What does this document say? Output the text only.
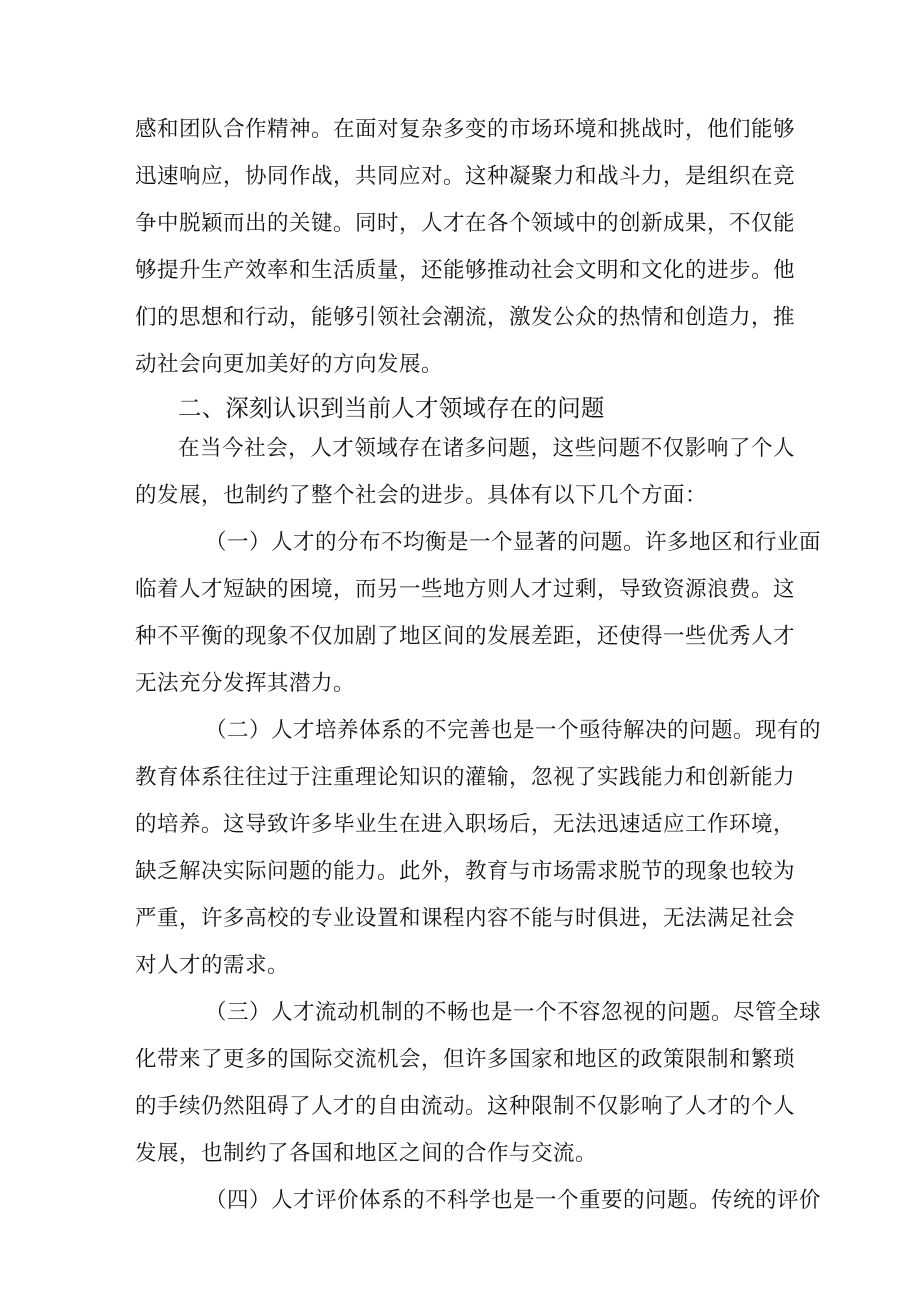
感和团队合作精神。在面对复杂多变的市场环境和挑战时，他们能够
迅速响应，协同作战，共同应对。这种凝聚力和战斗力，是组织在竞
争中脱颖而出的关键。同时，人才在各个领域中的创新成果，不仅能
够提升生产效率和生活质量，还能够推动社会文明和文化的进步。他
们的思想和行动，能够引领社会潮流，激发公众的热情和创造力，推
动社会向更加美好的方向发展。
二、深刻认识到当前人才领域存在的问题
在当今社会，人才领域存在诸多问题，这些问题不仅影响了个人
的发展，也制约了整个社会的进步。具体有以下几个方面：
（一）人才的分布不均衡是一个显著的问题。许多地区和行业面
临着人才短缺的困境，而另一些地方则人才过剩，导致资源浪费。这
种不平衡的现象不仅加剧了地区间的发展差距，还使得一些优秀人才
无法充分发挥其潜力。
（二）人才培养体系的不完善也是一个亟待解决的问题。现有的
教育体系往往过于注重理论知识的灌输，忽视了实践能力和创新能力
的培养。这导致许多毕业生在进入职场后，无法迅速适应工作环境，
缺乏解决实际问题的能力。此外，教育与市场需求脱节的现象也较为
严重，许多高校的专业设置和课程内容不能与时俱进，无法满足社会
对人才的需求。
（三）人才流动机制的不畅也是一个不容忽视的问题。尽管全球
化带来了更多的国际交流机会，但许多国家和地区的政策限制和繁琐
的手续仍然阻碍了人才的自由流动。这种限制不仅影响了人才的个人
发展，也制约了各国和地区之间的合作与交流。
（四）人才评价体系的不科学也是一个重要的问题。传统的评价
